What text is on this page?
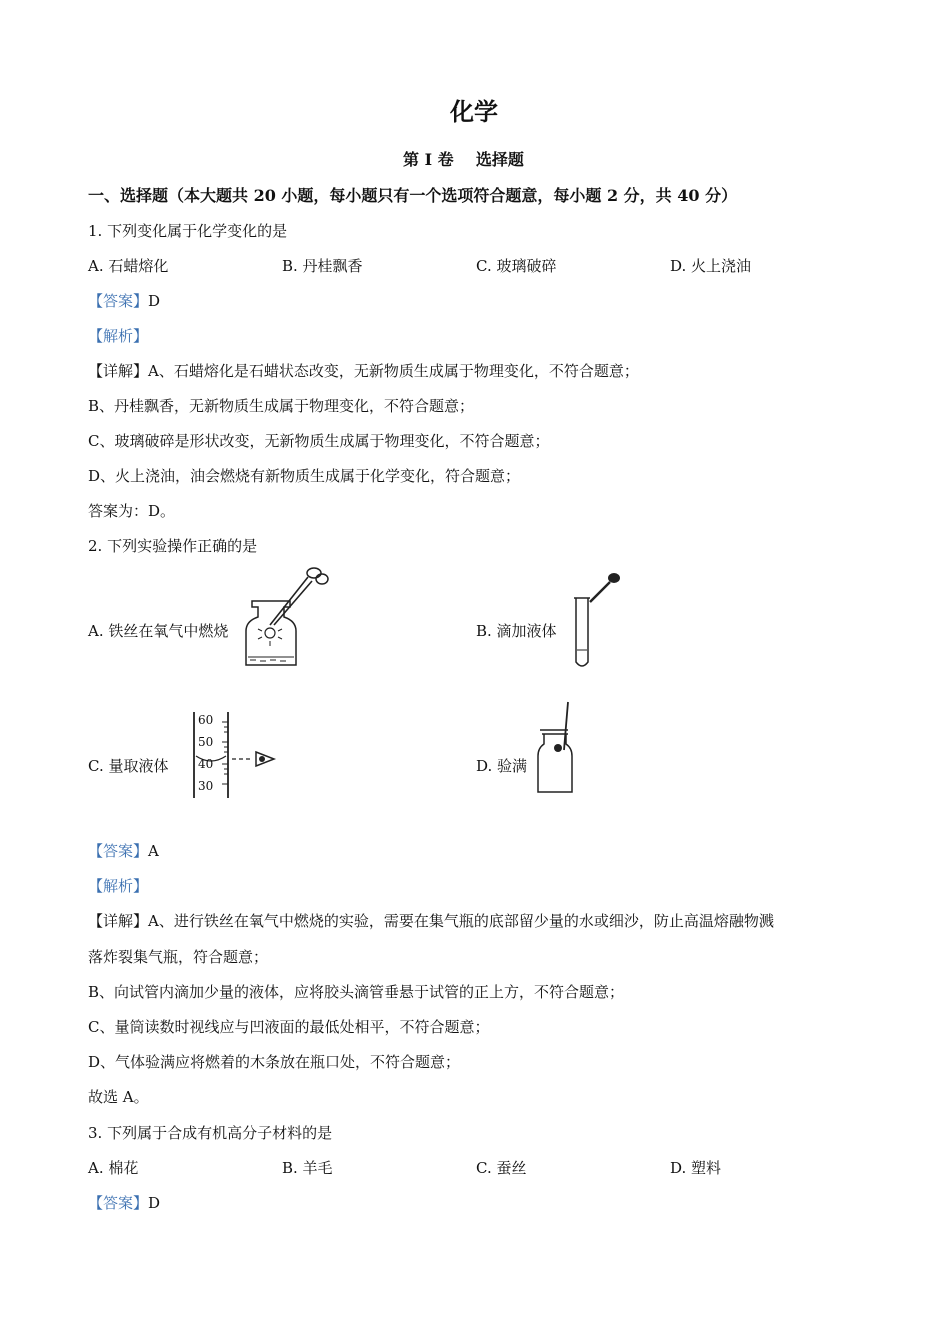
化学
第 I 卷    选择题
一、选择题（本大题共 20 小题，每小题只有一个选项符合题意，每小题 2 分，共 40 分）
1. 下列变化属于化学变化的是
A. 石蜡熔化	B. 丹桂飘香	C. 玻璃破碎	D. 火上浇油
【答案】D
【解析】
【详解】A、石蜡熔化是石蜡状态改变，无新物质生成属于物理变化，不符合题意；
B、丹桂飘香，无新物质生成属于物理变化，不符合题意；
C、玻璃破碎是形状改变，无新物质生成属于物理变化，不符合题意；
D、火上浇油，油会燃烧有新物质生成属于化学变化，符合题意；
答案为：D。
2. 下列实验操作正确的是
A. 铁丝在氧气中燃烧	B. 滴加液体
C. 量取液体
60
50
40
30
D. 验满
【答案】A
【解析】
【详解】A、进行铁丝在氧气中燃烧的实验，需要在集气瓶的底部留少量的水或细沙，防止高温熔融物溅
落炸裂集气瓶，符合题意；
B、向试管内滴加少量的液体，应将胶头滴管垂悬于试管的正上方，不符合题意；
C、量筒读数时视线应与凹液面的最低处相平，不符合题意；
D、气体验满应将燃着的木条放在瓶口处，不符合题意；
故选 A。
3. 下列属于合成有机高分子材料的是
A. 棉花	B. 羊毛	C. 蚕丝	D. 塑料
【答案】D
